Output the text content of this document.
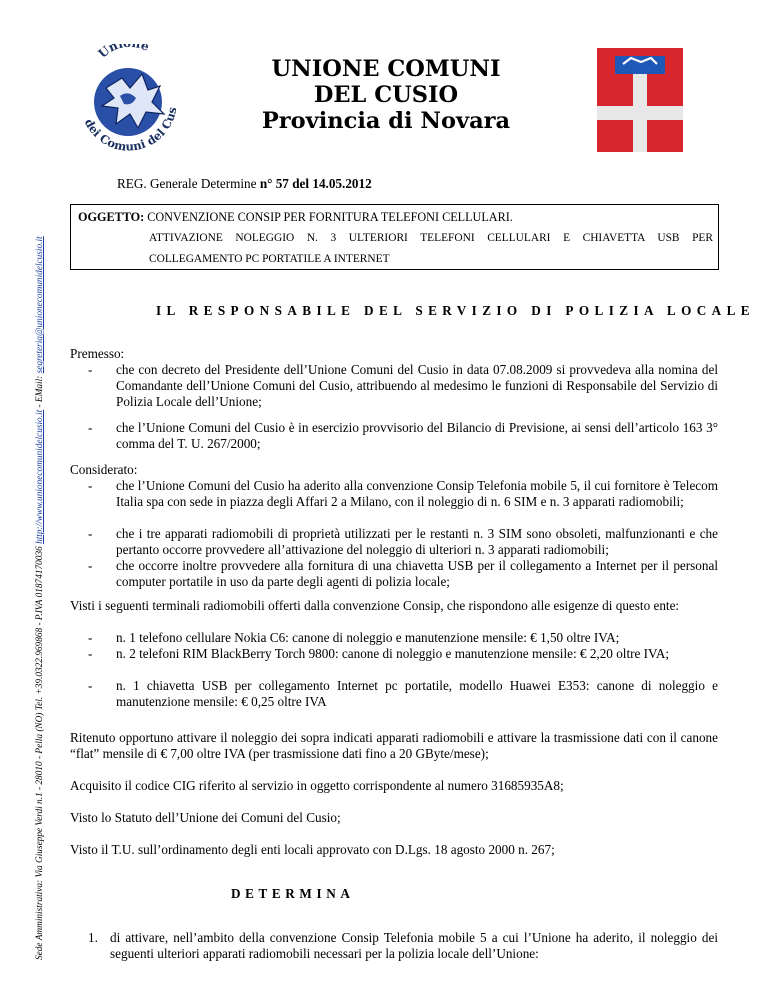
Un e
dei Comuni del Cus
UNIONE COMUNI
DEL CUSIO
Provincia di Novara
Sede Amministrativa: Via Giuseppe Verdi n.1 - 28010 - Pella (NO) Tel. +39.0322.969868 - P.IVA 01874170036 http://www.unionecomunidelcusio.it - EMail: segreteria@unionecomunidelcusio.it
REG. Generale Determine n° 57 del 14.05.2012
OGGETTO: CONVENZIONE CONSIP PER FORNITURA TELEFONI CELLULARI.
ATTIVAZIONE NOLEGGIO N. 3 ULTERIORI TELEFONI CELLULARI E CHIAVETTA USB PER
COLLEGAMENTO PC PORTATILE A INTERNET
IL RESPONSABILE DEL SERVIZIO DI POLIZIA LOCALE
Premesso:
-	che con decreto del Presidente dell’Unione Comuni del Cusio in data 07.08.2009 si provvedeva alla nomina del Comandante dell’Unione Comuni del Cusio, attribuendo al medesimo le funzioni di Responsabile del Servizio di Polizia Locale dell’Unione;
-	che l’Unione Comuni del Cusio è in esercizio provvisorio del Bilancio di Previsione, ai sensi dell’articolo 163 3° comma del T. U. 267/2000;
Considerato:
-	che l’Unione Comuni del Cusio ha aderito alla convenzione Consip Telefonia mobile 5, il cui fornitore è Telecom Italia spa con sede in piazza degli Affari 2 a Milano, con il noleggio di n. 6 SIM e n. 3 apparati radiomobili;
-	che i tre apparati radiomobili di proprietà utilizzati per le restanti n. 3 SIM sono obsoleti, malfunzionanti e che pertanto occorre provvedere all’attivazione del noleggio di ulteriori n. 3 apparati radiomobili;
-	che occorre inoltre provvedere alla fornitura di una chiavetta USB per il collegamento a Internet per il personal computer portatile in uso da parte degli agenti di polizia locale;
Visti i seguenti terminali radiomobili offerti dalla convenzione Consip, che rispondono alle esigenze di questo ente:
-	n. 1 telefono cellulare Nokia C6: canone di noleggio e manutenzione mensile: € 1,50 oltre IVA;
-	n. 2 telefoni RIM BlackBerry Torch 9800: canone di noleggio e manutenzione mensile: € 2,20 oltre IVA;
-	n. 1 chiavetta USB per collegamento Internet pc portatile, modello Huawei E353: canone di noleggio e manutenzione mensile: € 0,25 oltre IVA
Ritenuto opportuno attivare il noleggio dei sopra indicati apparati radiomobili e attivare la trasmissione dati con il canone “flat” mensile di € 7,00 oltre IVA (per trasmissione dati fino a 20 GByte/mese);
Acquisito il codice CIG riferito al servizio in oggetto corrispondente al numero 31685935A8;
Visto lo Statuto dell’Unione dei Comuni del Cusio;
Visto il T.U. sull’ordinamento degli enti locali approvato con D.Lgs. 18 agosto 2000 n. 267;
DETERMINA
1. di attivare, nell’ambito della convenzione Consip Telefonia mobile 5 a cui l’Unione ha aderito, il noleggio dei seguenti ulteriori apparati radiomobili necessari per la polizia locale dell’Unione:
